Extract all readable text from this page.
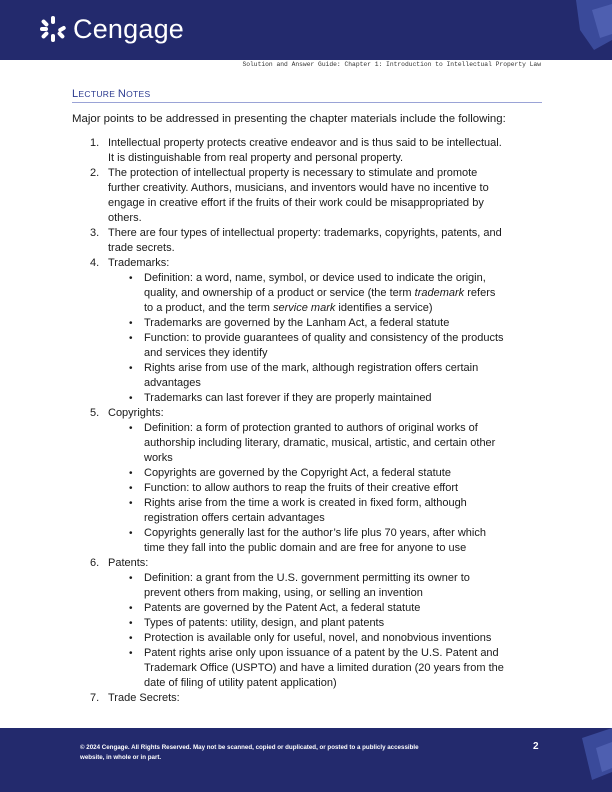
Cengage
Solution and Answer Guide: Chapter 1: Introduction to Intellectual Property Law
LECTURE NOTES
Major points to be addressed in presenting the chapter materials include the following:
1. Intellectual property protects creative endeavor and is thus said to be intellectual.
It is distinguishable from real property and personal property.
2. The protection of intellectual property is necessary to stimulate and promote
further creativity. Authors, musicians, and inventors would have no incentive to
engage in creative effort if the fruits of their work could be misappropriated by
others.
3. There are four types of intellectual property: trademarks, copyrights, patents, and
trade secrets.
4. Trademarks:
• Definition: a word, name, symbol, or device used to indicate the origin,
quality, and ownership of a product or service (the term trademark refers
to a product, and the term service mark identifies a service)
• Trademarks are governed by the Lanham Act, a federal statute
• Function: to provide guarantees of quality and consistency of the products
and services they identify
• Rights arise from use of the mark, although registration offers certain
advantages
• Trademarks can last forever if they are properly maintained
5. Copyrights:
• Definition: a form of protection granted to authors of original works of
authorship including literary, dramatic, musical, artistic, and certain other
works
• Copyrights are governed by the Copyright Act, a federal statute
• Function: to allow authors to reap the fruits of their creative effort
• Rights arise from the time a work is created in fixed form, although
registration offers certain advantages
• Copyrights generally last for the author’s life plus 70 years, after which
time they fall into the public domain and are free for anyone to use
6. Patents:
• Definition: a grant from the U.S. government permitting its owner to
prevent others from making, using, or selling an invention
• Patents are governed by the Patent Act, a federal statute
• Types of patents: utility, design, and plant patents
• Protection is available only for useful, novel, and nonobvious inventions
• Patent rights arise only upon issuance of a patent by the U.S. Patent and
Trademark Office (USPTO) and have a limited duration (20 years from the
date of filing of utility patent application)
7. Trade Secrets:
© 2024 Cengage. All Rights Reserved. May not be scanned, copied or duplicated, or posted to a publicly accessible
website, in whole or in part.
2
